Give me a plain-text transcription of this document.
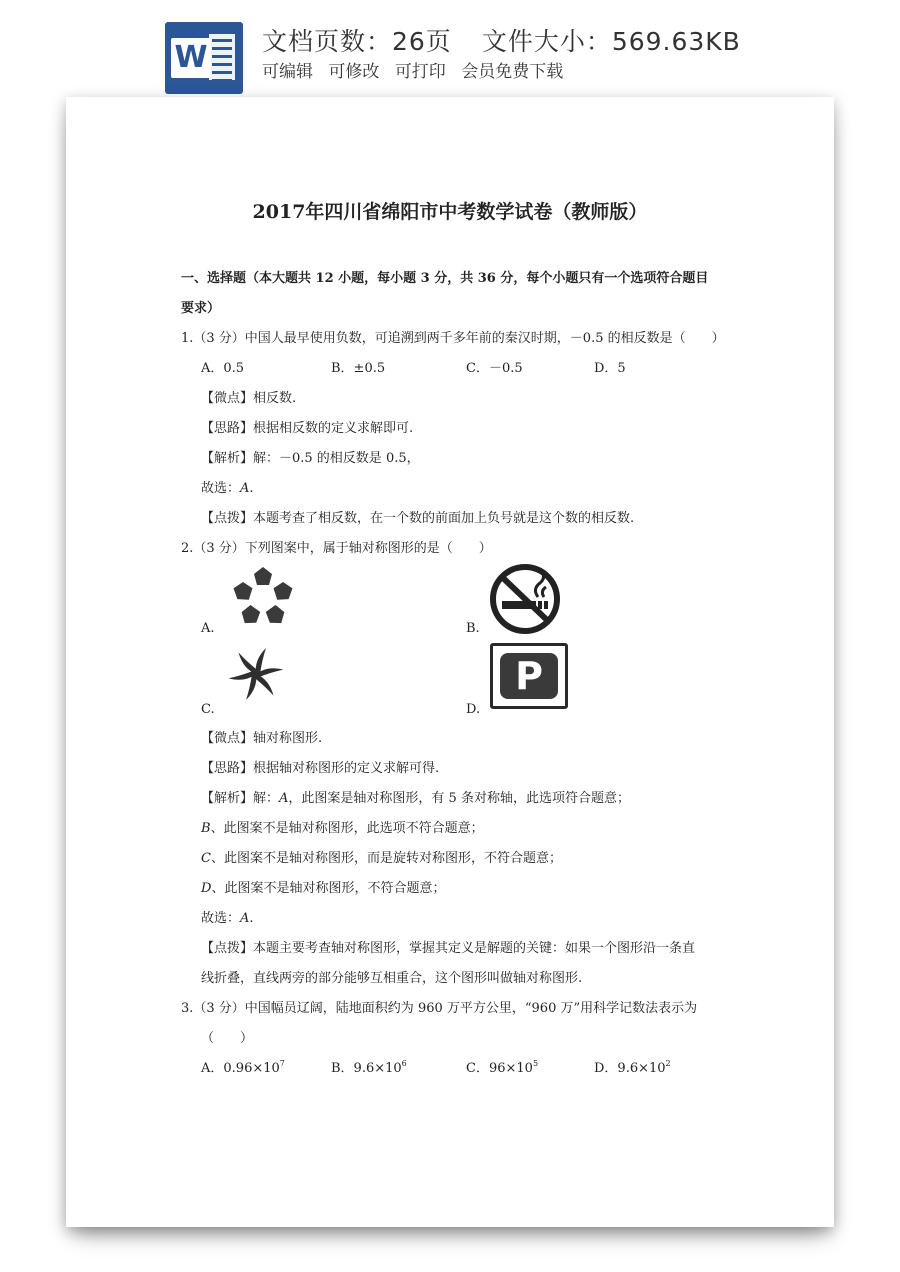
W 文档页数：26页 文件大小：569.63KB
可编辑 可修改 可打印 会员免费下载
2017年四川省绵阳市中考数学试卷（教师版）
一、选择题（本大题共 12 小题，每小题 3 分，共 36 分，每个小题只有一个选项符合题目
要求）
1.（3 分）中国人最早使用负数，可追溯到两千多年前的秦汉时期，－0.5 的相反数是（　　）
A．0.5	B．±0.5	C．－0.5	D．5
【微点】相反数.
【思路】根据相反数的定义求解即可.
【解析】解：－0.5 的相反数是 0.5，
故选：A.
【点拨】本题考查了相反数，在一个数的前面加上负号就是这个数的相反数.
2.（3 分）下列图案中，属于轴对称图形的是（　　）
A.	B.
C.
P
D.
【微点】轴对称图形.
【思路】根据轴对称图形的定义求解可得.
【解析】解：A，此图案是轴对称图形，有 5 条对称轴，此选项符合题意；
B、此图案不是轴对称图形，此选项不符合题意；
C、此图案不是轴对称图形，而是旋转对称图形，不符合题意；
D、此图案不是轴对称图形，不符合题意；
故选：A.
【点拨】本题主要考查轴对称图形，掌握其定义是解题的关键：如果一个图形沿一条直
线折叠，直线两旁的部分能够互相重合，这个图形叫做轴对称图形.
3.（3 分）中国幅员辽阔，陆地面积约为 960 万平方公里，“960 万”用科学记数法表示为
（　　）
A．$0.96\times 10^7$	B．$9.6\times 10^6$	C．$96\times 10^5$	D．$9.6\times 10^2$
